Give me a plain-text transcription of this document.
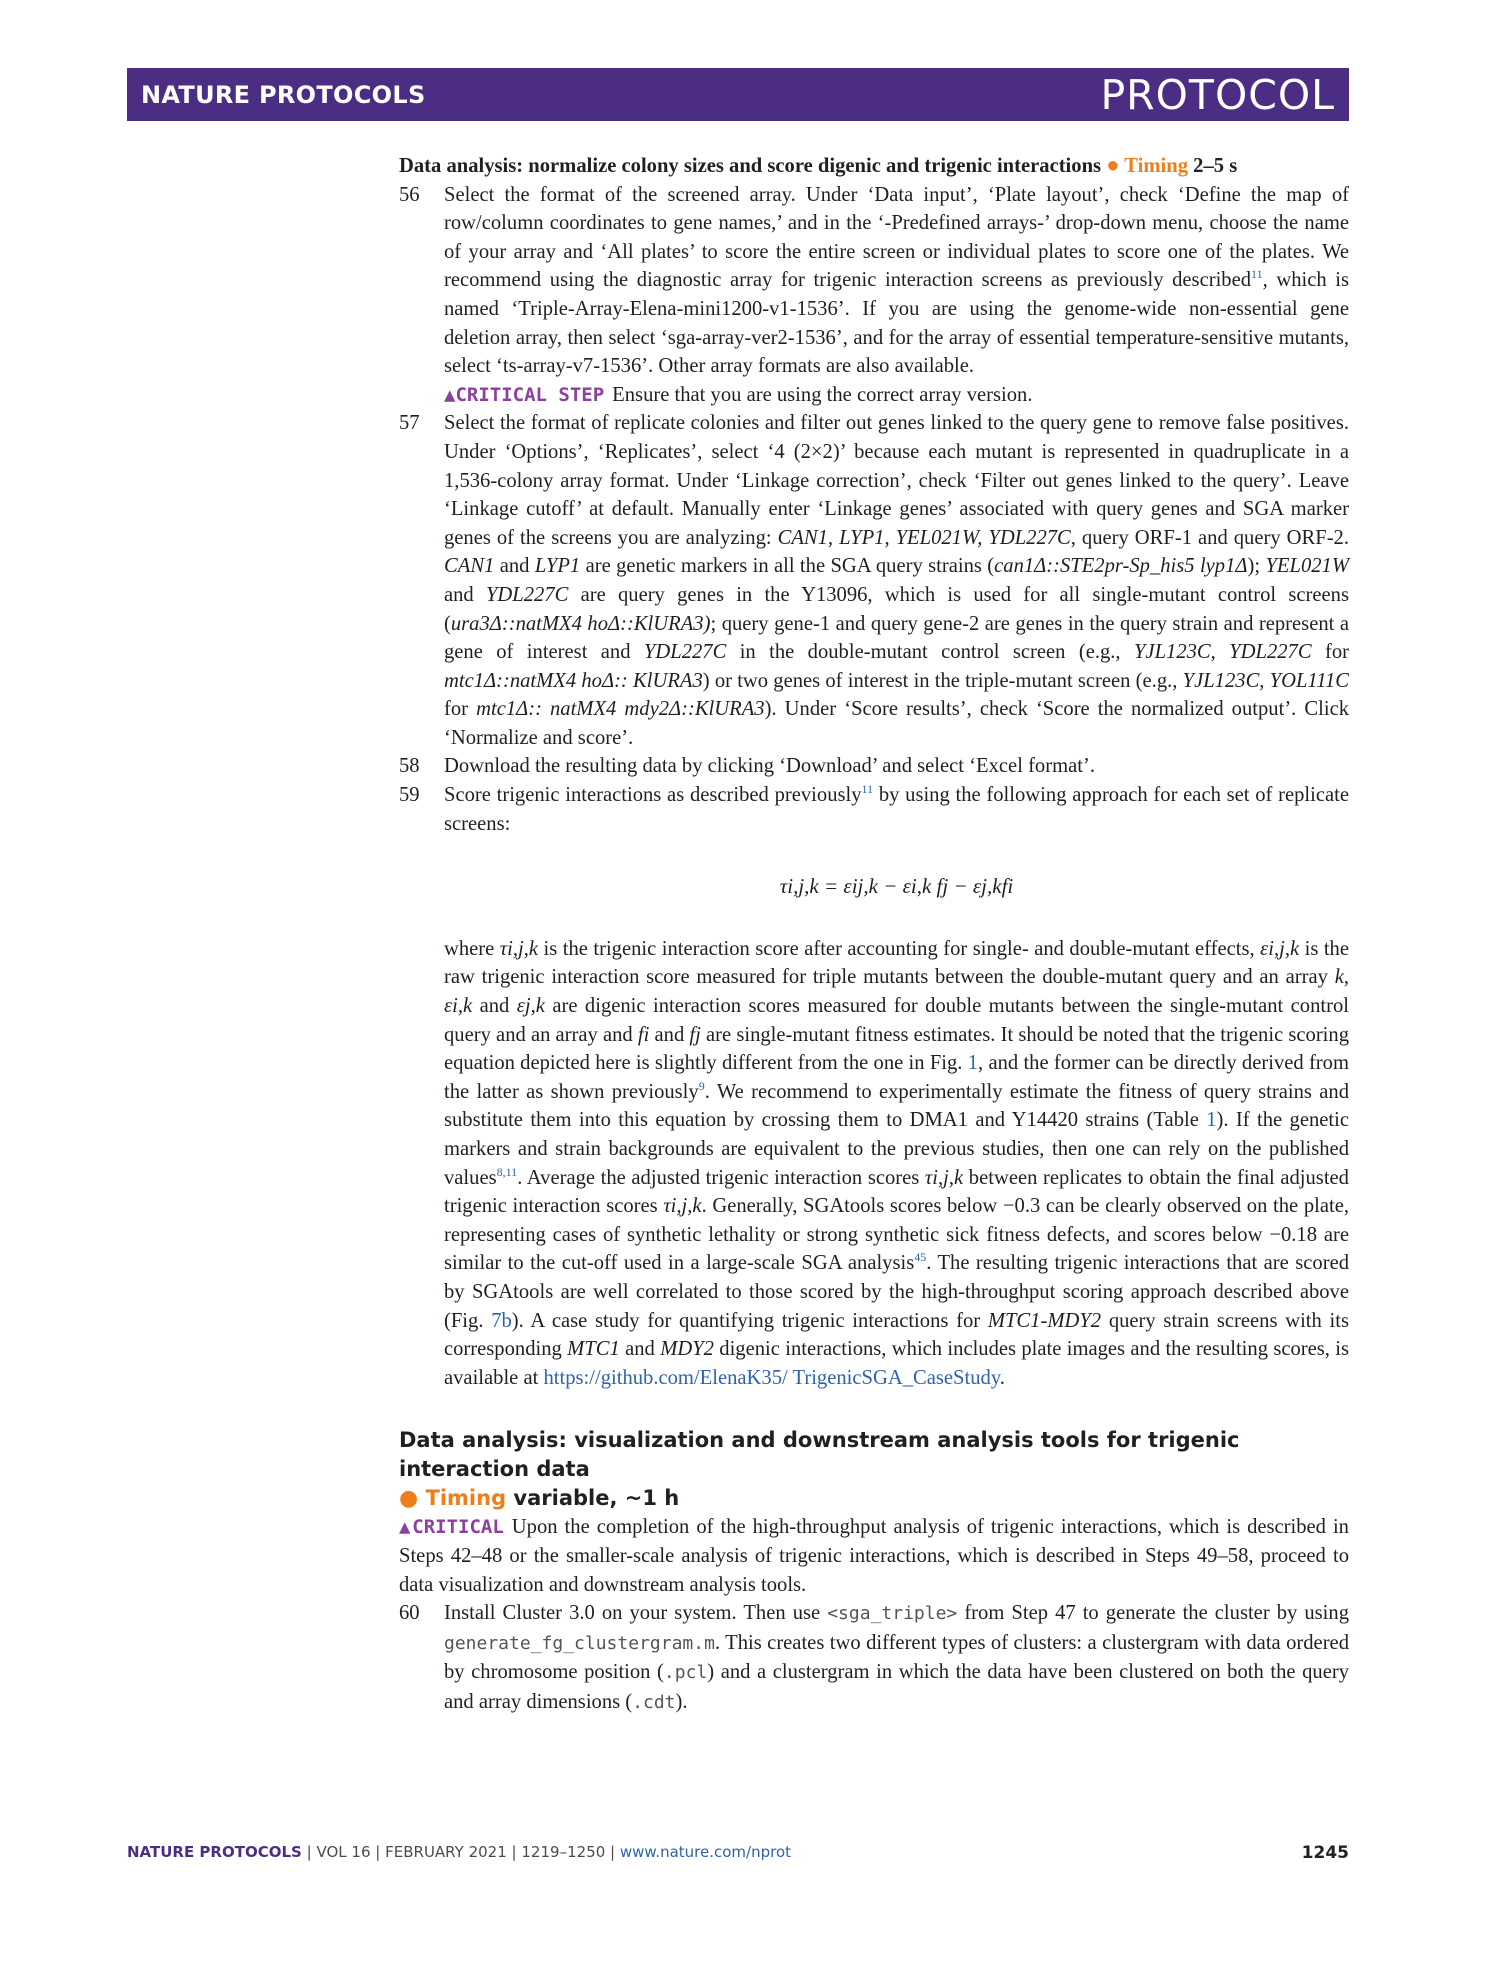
NATURE PROTOCOLS	PROTOCOL

Data analysis: normalize colony sizes and score digenic and trigenic interactions ● Timing 2–5 s

56 Select the format of the screened array. Under ‘Data input’, ‘Plate layout’, check ‘Define the map of row/column coordinates to gene names,’ and in the ‘-Predefined arrays-’ drop-down menu, choose the name of your array and ‘All plates’ to score the entire screen or individual plates to score one of the plates. We recommend using the diagnostic array for trigenic interaction screens as previously described$^{11}$, which is named ‘Triple-Array-Elena-mini1200-v1-1536’. If you are using the genome-wide non-essential gene deletion array, then select ‘sga-array-ver2-1536’, and for the array of essential temperature-sensitive mutants, select ‘ts-array-v7-1536’. Other array formats are also available.

▲CRITICAL STEP Ensure that you are using the correct array version.

57 Select the format of replicate colonies and filter out genes linked to the query gene to remove false positives. Under ‘Options’, ‘Replicates’, select ‘4 (2×2)’ because each mutant is represented in quadruplicate in a 1,536-colony array format. Under ‘Linkage correction’, check ‘Filter out genes linked to the query’. Leave ‘Linkage cutoff’ at default. Manually enter ‘Linkage genes’ associated with query genes and SGA marker genes of the screens you are analyzing: CAN1, LYP1, YEL021W, YDL227C, query ORF-1 and query ORF-2. CAN1 and LYP1 are genetic markers in all the SGA query strains (can1Δ::STE2pr-Sp_his5 lyp1Δ); YEL021W and YDL227C are query genes in the Y13096, which is used for all single-mutant control screens (ura3Δ::natMX4 hoΔ::KlURA3); query gene-1 and query gene-2 are genes in the query strain and represent a gene of interest and YDL227C in the double-mutant control screen (e.g., YJL123C, YDL227C for mtc1Δ::natMX4 hoΔ:: KlURA3) or two genes of interest in the triple-mutant screen (e.g., YJL123C, YOL111C for mtc1Δ:: natMX4 mdy2Δ::KlURA3). Under ‘Score results’, check ‘Score the normalized output’. Click ‘Normalize and score’.

58 Download the resulting data by clicking ‘Download’ and select ‘Excel format’.

59 Score trigenic interactions as described previously$^{11}$ by using the following approach for each set of replicate screens:

τi,j,k = εij,k − εi,k fj − εj,kfi

where τi,j,k is the trigenic interaction score after accounting for single- and double-mutant effects, εi,j,k is the raw trigenic interaction score measured for triple mutants between the double-mutant query and an array k, εi,k and εj,k are digenic interaction scores measured for double mutants between the single-mutant control query and an array and fi and fj are single-mutant fitness estimates. It should be noted that the trigenic scoring equation depicted here is slightly different from the one in Fig. 1, and the former can be directly derived from the latter as shown previously$^9$. We recommend to experimentally estimate the fitness of query strains and substitute them into this equation by crossing them to DMA1 and Y14420 strains (Table 1). If the genetic markers and strain backgrounds are equivalent to the previous studies, then one can rely on the published values$^{8,11}$. Average the adjusted trigenic interaction scores τi,j,k between replicates to obtain the final adjusted trigenic interaction scores τi,j,k. Generally, SGAtools scores below −0.3 can be clearly observed on the plate, representing cases of synthetic lethality or strong synthetic sick fitness defects, and scores below −0.18 are similar to the cut-off used in a large-scale SGA analysis$^{45}$. The resulting trigenic interactions that are scored by SGAtools are well correlated to those scored by the high-throughput scoring approach described above (Fig. 7b). A case study for quantifying trigenic interactions for MTC1-MDY2 query strain screens with its corresponding MTC1 and MDY2 digenic interactions, which includes plate images and the resulting scores, is available at https://github.com/ElenaK35/ TrigenicSGA_CaseStudy.

Data analysis: visualization and downstream analysis tools for trigenic interaction data
● Timing variable, ~1 h

▲CRITICAL Upon the completion of the high-throughput analysis of trigenic interactions, which is described in Steps 42–48 or the smaller-scale analysis of trigenic interactions, which is described in Steps 49–58, proceed to data visualization and downstream analysis tools.

60 Install Cluster 3.0 on your system. Then use <sga_triple> from Step 47 to generate the cluster by using generate_fg_clustergram.m. This creates two different types of clusters: a clustergram with data ordered by chromosome position (.pcl) and a clustergram in which the data have been clustered on both the query and array dimensions (.cdt).

NATURE PROTOCOLS | VOL 16 | FEBRUARY 2021 | 1219–1250 | www.nature.com/nprot	1245
